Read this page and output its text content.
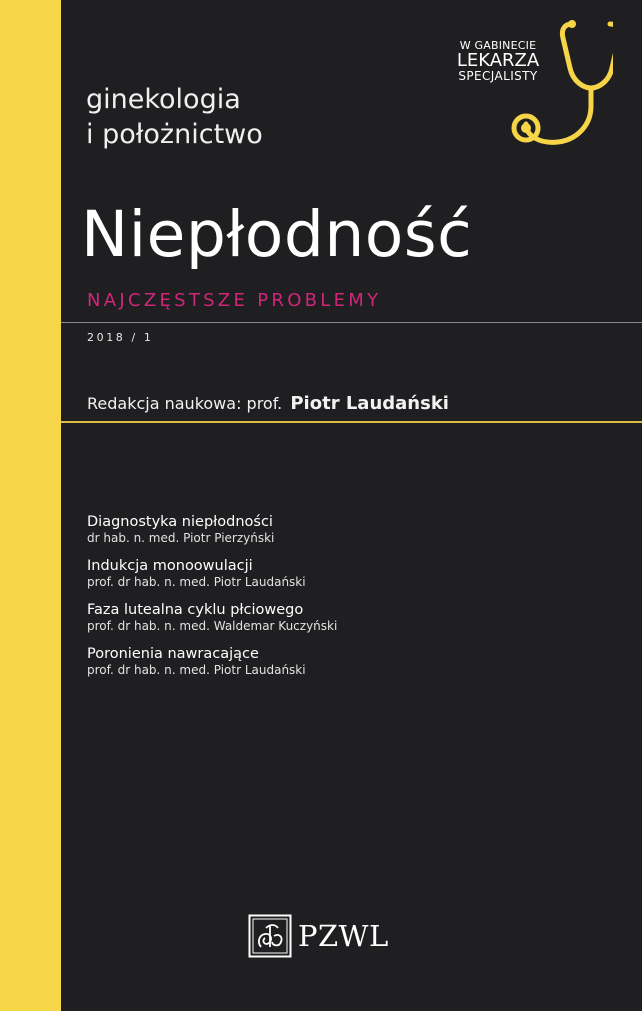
W GABINECIE
LEKARZA
SPECJALISTY
ginekologia
i położnictwo
Niepłodność
NAJCZĘSTSZE PROBLEMY
2018 / 1
Redakcja naukowa: prof. Piotr Laudański
Diagnostyka niepłodności
dr hab. n. med. Piotr Pierzyński
Indukcja monoowulacji
prof. dr hab. n. med. Piotr Laudański
Faza lutealna cyklu płciowego
prof. dr hab. n. med. Waldemar Kuczyński
Poronienia nawracające
prof. dr hab. n. med. Piotr Laudański
PZWL
